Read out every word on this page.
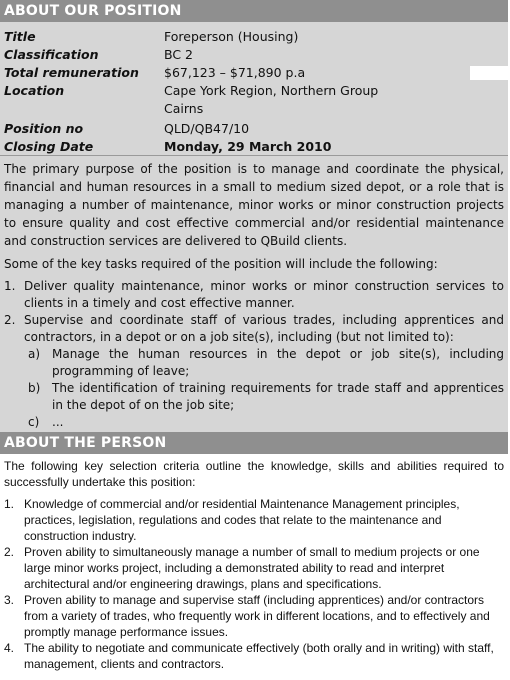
ABOUT OUR POSITION
Title	Foreperson (Housing)
Classification	BC 2
Total remuneration $67,123 – $71,890 p.a
Location	Cape York Region, Northern Group
Cairns
Position no	QLD/QB47/10
Closing Date	Monday, 29 March 2010
The primary purpose of the position is to manage and coordinate the physical, financial and human resources in a small to medium sized depot, or a role that is managing a number of maintenance, minor works or minor construction projects to ensure quality and cost effective commercial and/or residential maintenance and construction services are delivered to QBuild clients.
Some of the key tasks required of the position will include the following:
1. Deliver quality maintenance, minor works or minor construction services to clients in a timely and cost effective manner.
2. Supervise and coordinate staff of various trades, including apprentices and contractors, in a depot or on a job site(s), including (but not limited to):
a) Manage the human resources in the depot or job site(s), including programming of leave;
b) The identification of training requirements for trade staff and apprentices in the depot of on the job site;
c) ...
ABOUT THE PERSON
The following key selection criteria outline the knowledge, skills and abilities required to successfully undertake this position:
1. Knowledge of commercial and/or residential Maintenance Management principles, practices, legislation, regulations and codes that relate to the maintenance and construction industry.
2. Proven ability to simultaneously manage a number of small to medium projects or one large minor works project, including a demonstrated ability to read and interpret architectural and/or engineering drawings, plans and specifications.
3. Proven ability to manage and supervise staff (including apprentices) and/or contractors from a variety of trades, who frequently work in different locations, and to effectively and promptly manage performance issues.
4. The ability to negotiate and communicate effectively (both orally and in writing) with staff, management, clients and contractors.
